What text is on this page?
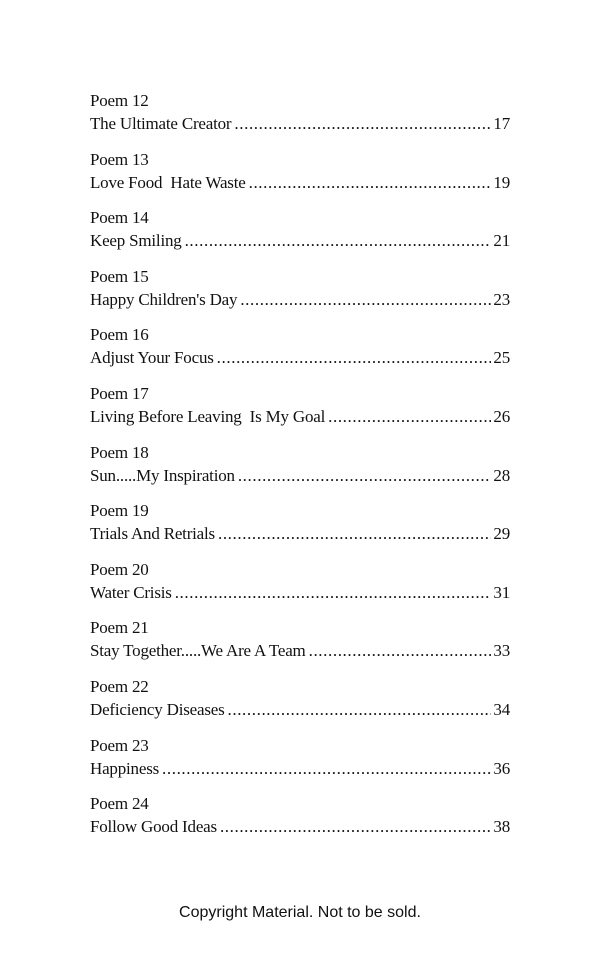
Poem 12
The Ultimate Creator .....	17
Poem 13
Love Food  Hate Waste .....	19
Poem 14
Keep Smiling .....	21
Poem 15
Happy Children's Day .....	23
Poem 16
Adjust Your Focus .....	25
Poem 17
Living Before Leaving  Is My Goal .....	26
Poem 18
Sun.....My Inspiration .....	28
Poem 19
Trials And Retrials .....	29
Poem 20
Water Crisis .....	31
Poem 21
Stay Together.....We Are A Team .....	33
Poem 22
Deficiency Diseases .....	34
Poem 23
Happiness .....	36
Poem 24
Follow Good Ideas .....	38
Copyright Material. Not to be sold.
